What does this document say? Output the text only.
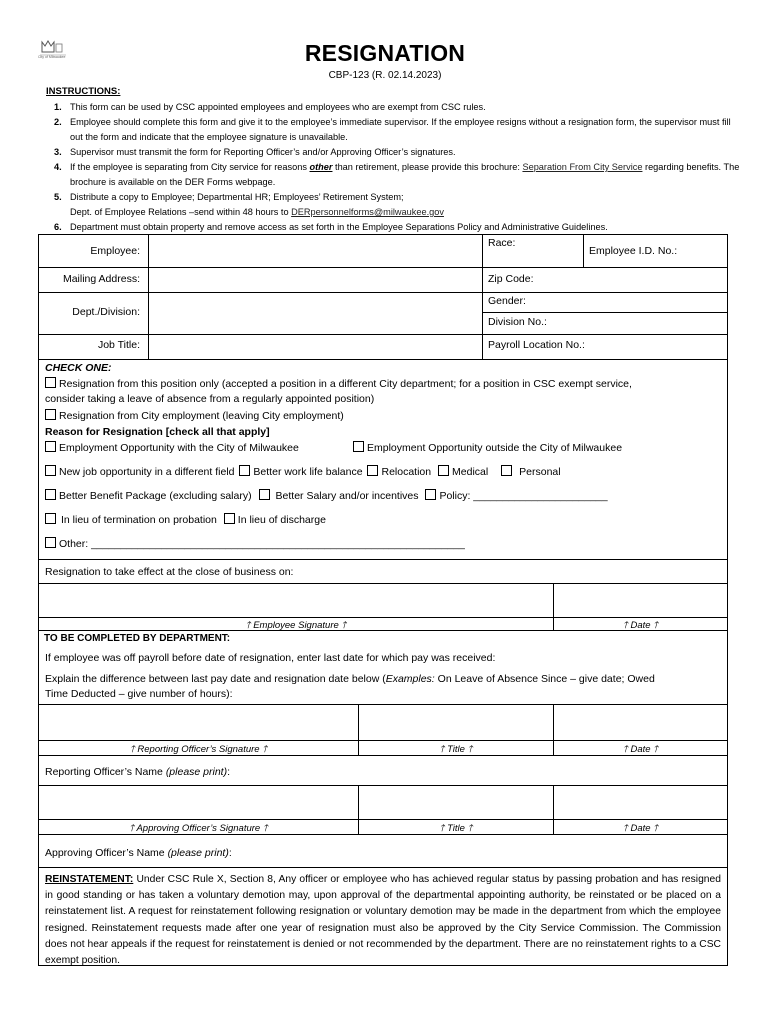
City of Milwaukee	RESIGNATION
CBP-123 (R. 02.14.2023)
INSTRUCTIONS:
1. This form can be used by CSC appointed employees and employees who are exempt from CSC rules.
2. Employee should complete this form and give it to the employee’s immediate supervisor. If the employee resigns without a resignation form, the supervisor must fill out the form and indicate that the employee signature is unavailable.
3. Supervisor must transmit the form for Reporting Officer’s and/or Approving Officer’s signatures.
4. If the employee is separating from City service for reasons other than retirement, please provide this brochure: Separation From City Service regarding benefits. The brochure is available on the DER Forms webpage.
5. Distribute a copy to Employee; Departmental HR; Employees’ Retirement System;
Dept. of Employee Relations –send within 48 hours to DERpersonnelforms@milwaukee.gov
6. Department must obtain property and remove access as set forth in the Employee Separations Policy and Administrative Guidelines.
Employee:
Race:
Employee I.D. No.:
Mailing Address:	Zip Code:
Dept./Division:
Gender:
Division No.:
Job Title:	Payroll Location No.:
CHECK ONE:
Resignation from this position only (accepted a position in a different City department; for a position in CSC exempt service,
consider taking a leave of absence from a regularly appointed position)
Resignation from City employment (leaving City employment)
Reason for Resignation [check all that apply]
Employment Opportunity with the City of Milwaukee	Employment Opportunity outside the City of Milwaukee
New job opportunity in a different field Better work life balance Relocation Medical	Personal
Better Benefit Package (excluding salary) Better Salary and/or incentives Policy: _______________________
In lieu of termination on probation In lieu of discharge
Other: ________________________________________________________________
Resignation to take effect at the close of business on:
🡑 Employee Signature 🡑	🡑 Date 🡑
TO BE COMPLETED BY DEPARTMENT:
If employee was off payroll before date of resignation, enter last date for which pay was received:
Explain the difference between last pay date and resignation date below (Examples: On Leave of Absence Since – give date; Owed
Time Deducted – give number of hours):
🡑 Reporting Officer’s Signature 🡑	🡑 Title 🡑	🡑 Date 🡑
Reporting Officer’s Name (please print):
🡑 Approving Officer’s Signature 🡑	🡑 Title 🡑	🡑 Date 🡑
Approving Officer’s Name (please print):
REINSTATEMENT: Under CSC Rule X, Section 8, Any officer or employee who has achieved regular status by passing probation and has resigned in good standing or has taken a voluntary demotion may, upon approval of the departmental appointing authority, be reinstated or be placed on a reinstatement list. A request for reinstatement following resignation or voluntary demotion may be made in the department from which the employee resigned. Reinstatement requests made after one year of resignation must also be approved by the City Service Commission. The Commission does not hear appeals if the request for reinstatement is denied or not recommended by the department. There are no reinstatement rights to a CSC exempt position.
